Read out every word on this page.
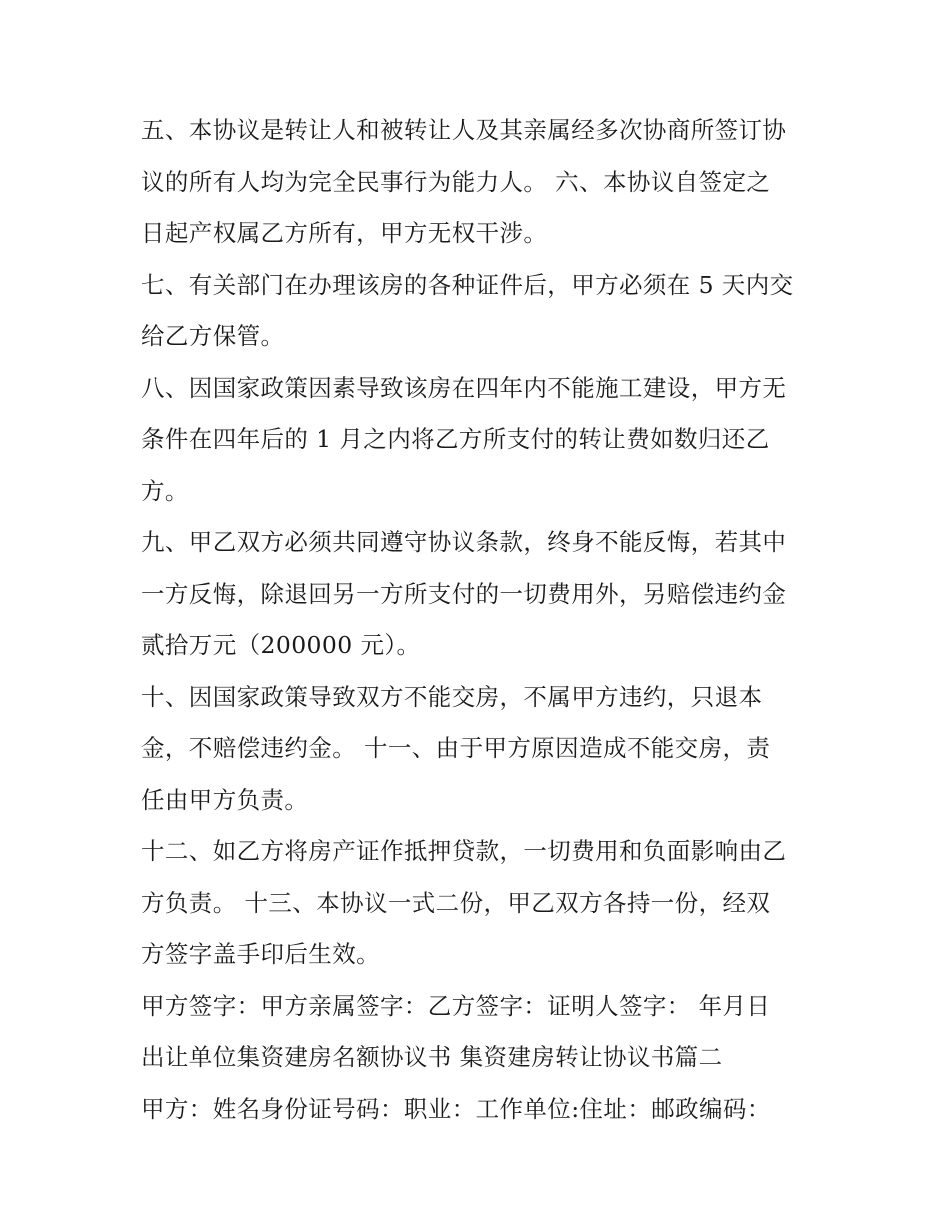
五、本协议是转让人和被转让人及其亲属经多次协商所签订协
议的所有人均为完全民事行为能力人。 六、本协议自签定之
日起产权属乙方所有，甲方无权干涉。
七、有关部门在办理该房的各种证件后，甲方必须在 5 天内交
给乙方保管。
八、因国家政策因素导致该房在四年内不能施工建设，甲方无
条件在四年后的 1 月之内将乙方所支付的转让费如数归还乙
方。
九、甲乙双方必须共同遵守协议条款，终身不能反悔，若其中
一方反悔，除退回另一方所支付的一切费用外，另赔偿违约金
贰拾万元（200000 元）。
十、因国家政策导致双方不能交房，不属甲方违约，只退本
金，不赔偿违约金。 十一、由于甲方原因造成不能交房，责
任由甲方负责。
十二、如乙方将房产证作抵押贷款，一切费用和负面影响由乙
方负责。 十三、本协议一式二份，甲乙双方各持一份，经双
方签字盖手印后生效。
甲方签字：甲方亲属签字：乙方签字：证明人签字： 年月日
出让单位集资建房名额协议书 集资建房转让协议书篇二
甲方：姓名身份证号码：职业：工作单位:住址：邮政编码：
